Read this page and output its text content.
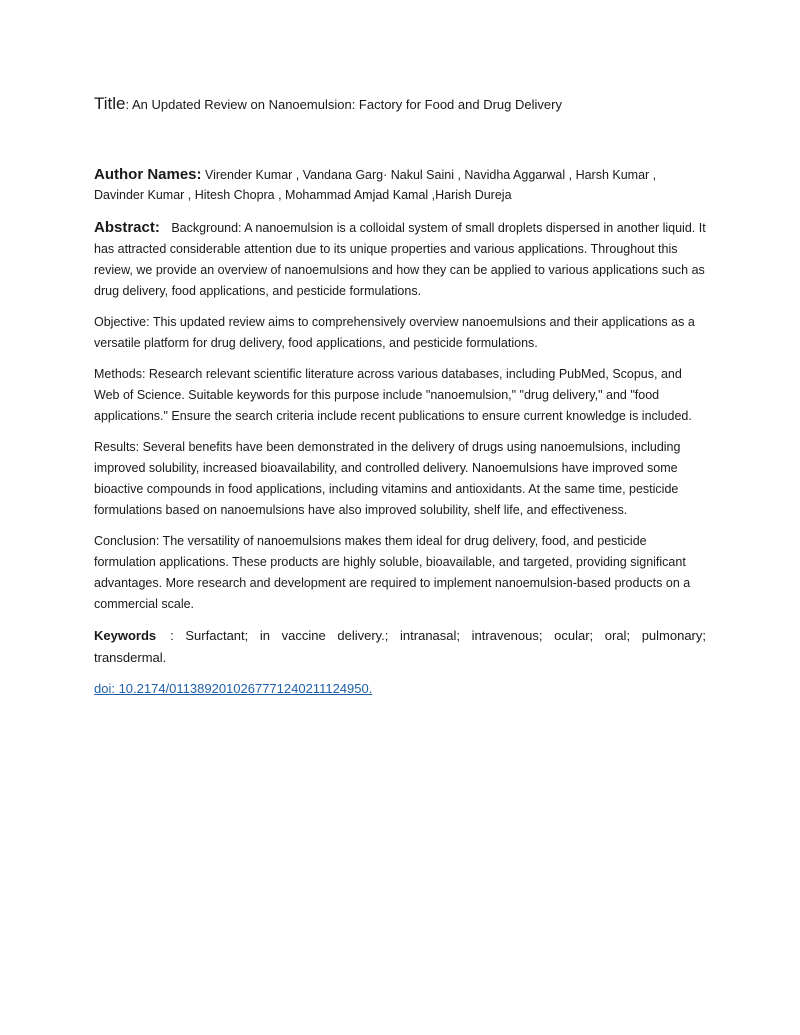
Title: An Updated Review on Nanoemulsion: Factory for Food and Drug Delivery
Author Names: Virender Kumar , Vandana Garg· Nakul Saini , Navidha Aggarwal , Harsh Kumar , Davinder Kumar , Hitesh Chopra , Mohammad Amjad Kamal ,Harish Dureja

Abstract: Background: A nanoemulsion is a colloidal system of small droplets dispersed in another liquid. It has attracted considerable attention due to its unique properties and various applications. Throughout this review, we provide an overview of nanoemulsions and how they can be applied to various applications such as drug delivery, food applications, and pesticide formulations.

Objective: This updated review aims to comprehensively overview nanoemulsions and their applications as a versatile platform for drug delivery, food applications, and pesticide formulations.

Methods: Research relevant scientific literature across various databases, including PubMed, Scopus, and Web of Science. Suitable keywords for this purpose include "nanoemulsion," "drug delivery," and "food applications." Ensure the search criteria include recent publications to ensure current knowledge is included.

Results: Several benefits have been demonstrated in the delivery of drugs using nanoemulsions, including improved solubility, increased bioavailability, and controlled delivery. Nanoemulsions have improved some bioactive compounds in food applications, including vitamins and antioxidants. At the same time, pesticide formulations based on nanoemulsions have also improved solubility, shelf life, and effectiveness.

Conclusion: The versatility of nanoemulsions makes them ideal for drug delivery, food, and pesticide formulation applications. These products are highly soluble, bioavailable, and targeted, providing significant advantages. More research and development are required to implement nanoemulsion-based products on a commercial scale.

Keywords : Surfactant; in vaccine delivery.; intranasal; intravenous; ocular; oral; pulmonary; transdermal.
doi: 10.2174/0113892010267771240211124950.
